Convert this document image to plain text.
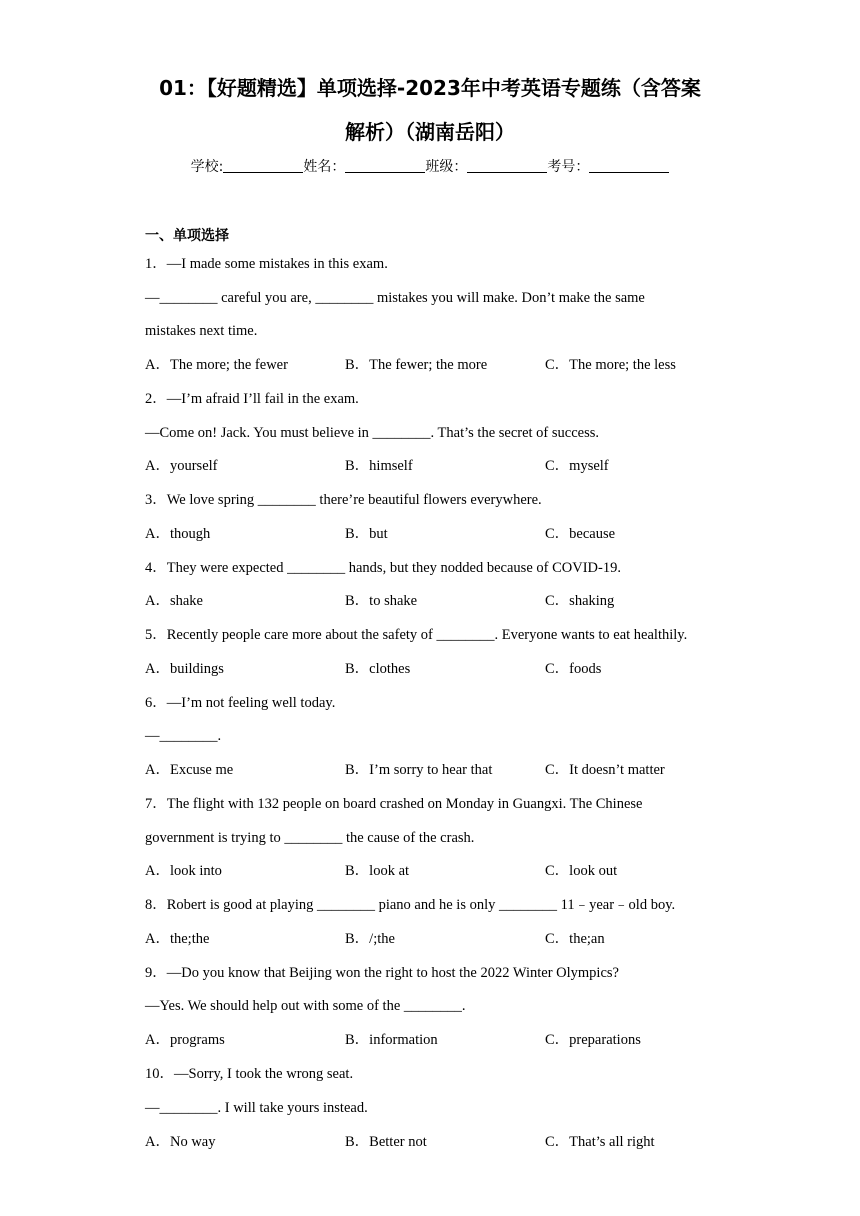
01：【好题精选】单项选择-2023年中考英语专题练（含答案
解析）（湖南岳阳）
学校:	姓名：	班级：	考号：
一、单项选择
1．—I made some mistakes in this exam.
—________ careful you are, ________ mistakes you will make. Don’t make the same
mistakes next time.
A．The more; the fewer	B．The fewer; the more	C．The more; the less
2．—I’m afraid I’ll fail in the exam.
—Come on! Jack. You must believe in ________. That’s the secret of success.
A．yourself	B．himself	C．myself
3．We love spring ________ there’re beautiful flowers everywhere.
A．though	B．but	C．because
4．They were expected ________ hands, but they nodded because of COVID-19.
A．shake	B．to shake	C．shaking
5．Recently people care more about the safety of ________. Everyone wants to eat healthily.
A．buildings	B．clothes	C．foods
6．—I’m not feeling well today.
—________.
A．Excuse me	B．I’m sorry to hear that	C．It doesn’t matter
7．The flight with 132 people on board crashed on Monday in Guangxi. The Chinese
government is trying to ________ the cause of the crash.
A．look into	B．look at	C．look out
8．Robert is good at playing ________ piano and he is only ________ 11﹣year﹣old boy.
A．the;the	B．/;the	C．the;an
9．—Do you know that Beijing won the right to host the 2022 Winter Olympics?
—Yes. We should help out with some of the ________.
A．programs	B．information	C．preparations
10．—Sorry, I took the wrong seat.
—________. I will take yours instead.
A．No way	B．Better not	C．That’s all right
